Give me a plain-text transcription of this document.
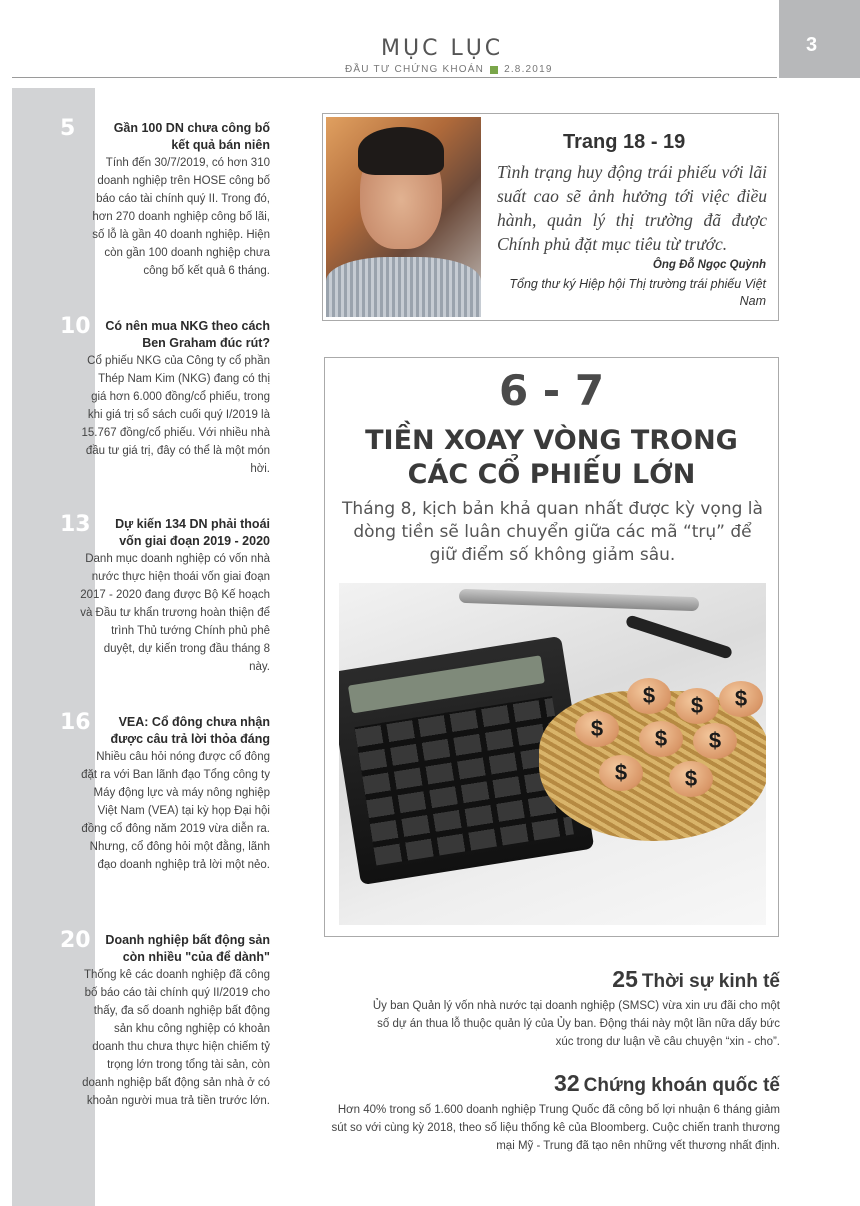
MỤC LỤC
ĐẦU TƯ CHỨNG KHOÁN 2.8.2019
3
5	Gần 100 DN chưa công bố kết quả bán niên
Tính đến 30/7/2019, có hơn 310 doanh nghiệp trên HOSE công bố báo cáo tài chính quý II. Trong đó, hơn 270 doanh nghiệp công bố lãi, số lỗ là gần 40 doanh nghiệp. Hiện còn gần 100 doanh nghiệp chưa công bố kết quả 6 tháng.
10	Có nên mua NKG theo cách Ben Graham đúc rút?
Cổ phiếu NKG của Công ty cổ phần Thép Nam Kim (NKG) đang có thị giá hơn 6.000 đồng/cổ phiếu, trong khi giá trị sổ sách cuối quý I/2019 là 15.767 đồng/cổ phiếu. Với nhiều nhà đầu tư giá trị, đây có thể là một món hời.
13	Dự kiến 134 DN phải thoái vốn giai đoạn 2019 - 2020
Danh mục doanh nghiệp có vốn nhà nước thực hiện thoái vốn giai đoạn 2017 - 2020 đang được Bộ Kế hoạch và Đầu tư khẩn trương hoàn thiện để trình Thủ tướng Chính phủ phê duyệt, dự kiến trong đầu tháng 8 này.
16	VEA: Cổ đông chưa nhận được câu trả lời thỏa đáng
Nhiều câu hỏi nóng được cổ đông đặt ra với Ban lãnh đạo Tổng công ty Máy động lực và máy nông nghiệp Việt Nam (VEA) tại kỳ họp Đại hội đồng cổ đông năm 2019 vừa diễn ra. Nhưng, cổ đông hỏi một đằng, lãnh đạo doanh nghiệp trả lời một nẻo.
20	Doanh nghiệp bất động sản còn nhiều "của để dành"
Thống kê các doanh nghiệp đã công bố báo cáo tài chính quý II/2019 cho thấy, đa số doanh nghiệp bất động sản khu công nghiệp có khoản doanh thu chưa thực hiện chiếm tỷ trọng lớn trong tổng tài sản, còn doanh nghiệp bất động sản nhà ở có khoản người mua trả tiền trước lớn.
Trang 18 - 19
Tình trạng huy động trái phiếu với lãi suất cao sẽ ảnh hưởng tới việc điều hành, quản lý thị trường đã được Chính phủ đặt mục tiêu từ trước.
Ông Đỗ Ngọc Quỳnh
Tổng thư ký Hiệp hội Thị trường trái phiếu Việt Nam
6 - 7
TIỀN XOAY VÒNG TRONG CÁC CỔ PHIẾU LỚN
Tháng 8, kịch bản khả quan nhất được kỳ vọng là dòng tiền sẽ luân chuyển giữa các mã “trụ” để giữ điểm số không giảm sâu.
$	$	$
$	$	$
$	$
25 Thời sự kinh tế
Ủy ban Quản lý vốn nhà nước tại doanh nghiệp (SMSC) vừa xin ưu đãi cho một số dự án thua lỗ thuộc quản lý của Ủy ban. Động thái này một lần nữa dấy bức xúc trong dư luận về câu chuyện “xin - cho”.
32 Chứng khoán quốc tế
Hơn 40% trong số 1.600 doanh nghiệp Trung Quốc đã công bố lợi nhuận 6 tháng giảm sút so với cùng kỳ 2018, theo số liệu thống kê của Bloomberg. Cuộc chiến tranh thương mại Mỹ - Trung đã tạo nên những vết thương nhất định.
